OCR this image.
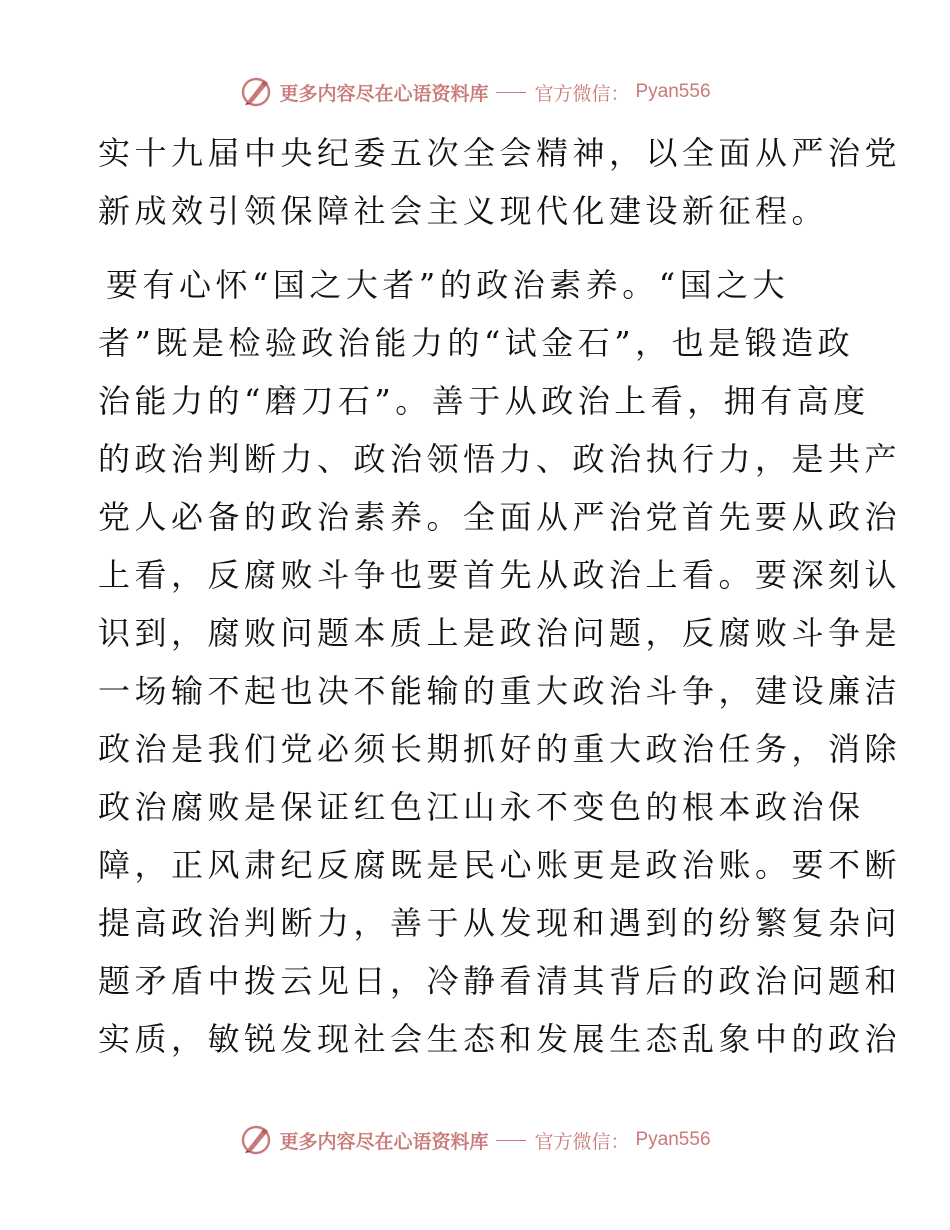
更多内容尽在心语资料库 官方微信： Pyan556
实十九届中央纪委五次全会精神，以全面从严治党
新成效引领保障社会主义现代化建设新征程。
要有心怀“国之大者”的政治素养。“国之大
者”既是检验政治能力的“试金石”，也是锻造政
治能力的“磨刀石”。善于从政治上看，拥有高度
的政治判断力、政治领悟力、政治执行力，是共产
党人必备的政治素养。全面从严治党首先要从政治
上看，反腐败斗争也要首先从政治上看。要深刻认
识到，腐败问题本质上是政治问题，反腐败斗争是
一场输不起也决不能输的重大政治斗争，建设廉洁
政治是我们党必须长期抓好的重大政治任务，消除
政治腐败是保证红色江山永不变色的根本政治保
障，正风肃纪反腐既是民心账更是政治账。要不断
提高政治判断力，善于从发现和遇到的纷繁复杂问
题矛盾中拨云见日，冷静看清其背后的政治问题和
实质，敏锐发现社会生态和发展生态乱象中的政治
更多内容尽在心语资料库 官方微信： Pyan556
